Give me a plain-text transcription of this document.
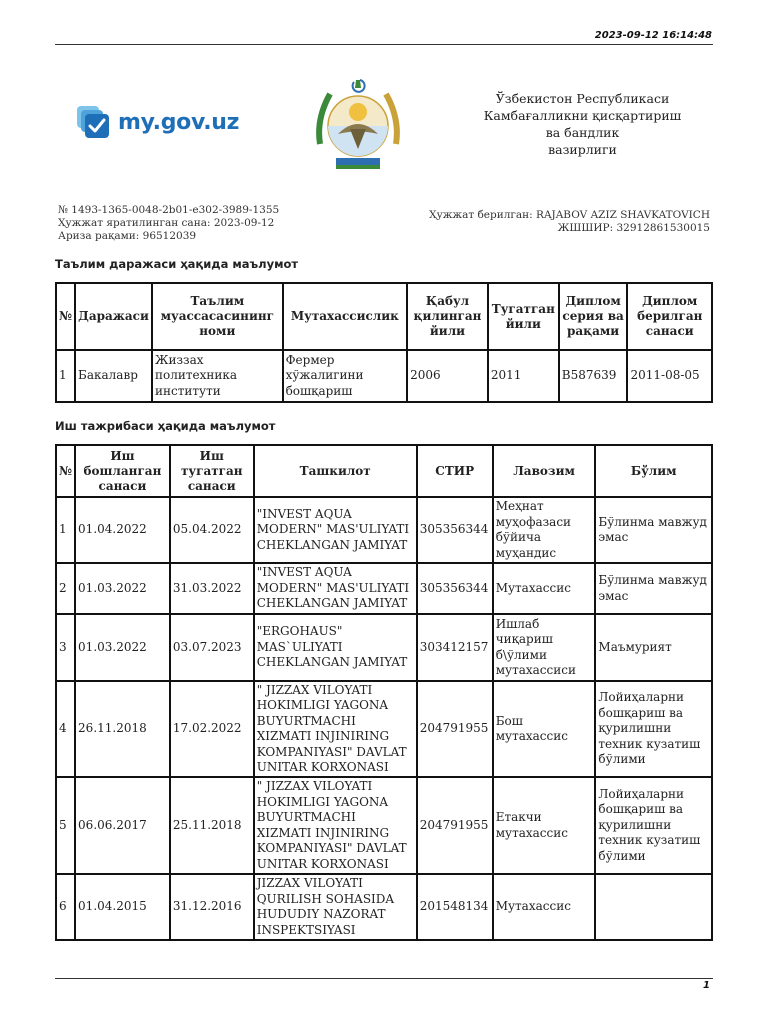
2023-09-12 16:14:48
my.gov.uz
Ўзбекистон Республикаси
Камбағалликни қисқартириш
ва бандлик
вазирлиги
№ 1493-1365-0048-2b01-e302-3989-1355
Ҳужжат яратилинган сана: 2023-09-12
Ариза рақами: 96512039
Ҳужжат берилган: RAJABOV AZIZ SHAVKATOVICH
ЖШШИР: 32912861530015
Таълим даражаси ҳақида маълумот
№	Даражаси	Таълим муассасасининг номи	Мутахассислик	Қабул қилинган йили	Тугатган йили	Диплом серия ва рақами	Диплом берилган санаси
1	Бакалавр	Жиззах политехника институти	Фермер хўжалигини бошқариш	2006	2011	B587639	2011-08-05
Иш тажрибаси ҳақида маълумот
№	Иш бошланган санаси	Иш тугатган санаси	Ташкилот	СТИР	Лавозим	Бўлим
1	01.04.2022	05.04.2022	"INVEST AQUA MODERN" MAS'ULIYATI CHEKLANGAN JAMIYAT	305356344	Меҳнат муҳофазаси бўйича муҳандис	Бўлинма мавжуд эмас
2	01.03.2022	31.03.2022	"INVEST AQUA MODERN" MAS'ULIYATI CHEKLANGAN JAMIYAT	305356344	Мутахассис	Бўлинма мавжуд эмас
3	01.03.2022	03.07.2023	"ERGOHAUS" MAS`ULIYATI CHEKLANGAN JAMIYAT	303412157	Ишлаб чиқариш б\ўлими мутахассиси	Маъмурият
4	26.11.2018	17.02.2022	" JIZZAX VILOYATI HOKIMLIGI YAGONA BUYURTMACHI XIZMATI INJINIRING KOMPANIYASI" DAVLAT UNITAR KORXONASI	204791955	Бош мутахассис	Лойиҳаларни бошқариш ва қурилишни техник кузатиш бўлими
5	06.06.2017	25.11.2018	" JIZZAX VILOYATI HOKIMLIGI YAGONA BUYURTMACHI XIZMATI INJINIRING KOMPANIYASI" DAVLAT UNITAR KORXONASI	204791955	Етакчи мутахассис	Лойиҳаларни бошқариш ва қурилишни техник кузатиш бўлими
6	01.04.2015	31.12.2016	JIZZAX VILOYATI QURILISH SOHASIDA HUDUDIY NAZORAT INSPEKTSIYASI	201548134	Мутахассис	
1
